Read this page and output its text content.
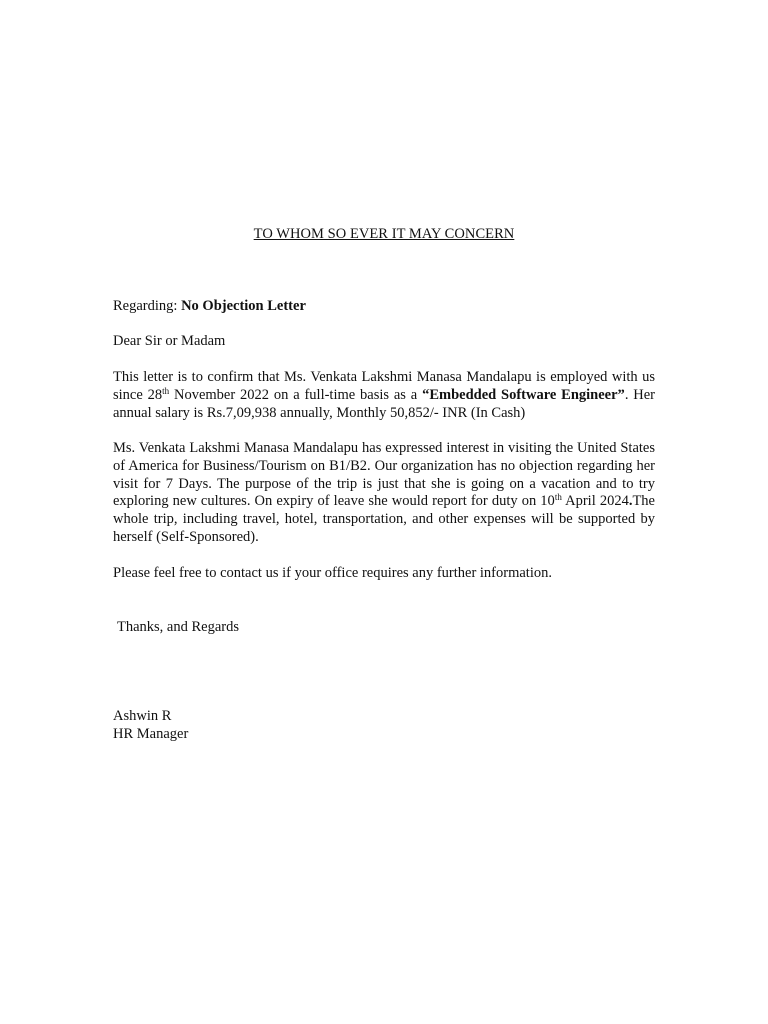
TO WHOM SO EVER IT MAY CONCERN
Regarding: No Objection Letter
Dear Sir or Madam
This letter is to confirm that Ms. Venkata Lakshmi Manasa Mandalapu is employed with us since 28th November 2022 on a full-time basis as a “Embedded Software Engineer”. Her annual salary is Rs.7,09,938 annually, Monthly 50,852/- INR (In Cash)
Ms. Venkata Lakshmi Manasa Mandalapu has expressed interest in visiting the United States of America for Business/Tourism on B1/B2. Our organization has no objection regarding her visit for 7 Days. The purpose of the trip is just that she is going on a vacation and to try exploring new cultures. On expiry of leave she would report for duty on 10th April 2024.The whole trip, including travel, hotel, transportation, and other expenses will be supported by herself (Self-Sponsored).
Please feel free to contact us if your office requires any further information.
Thanks, and Regards
Ashwin R
HR Manager
